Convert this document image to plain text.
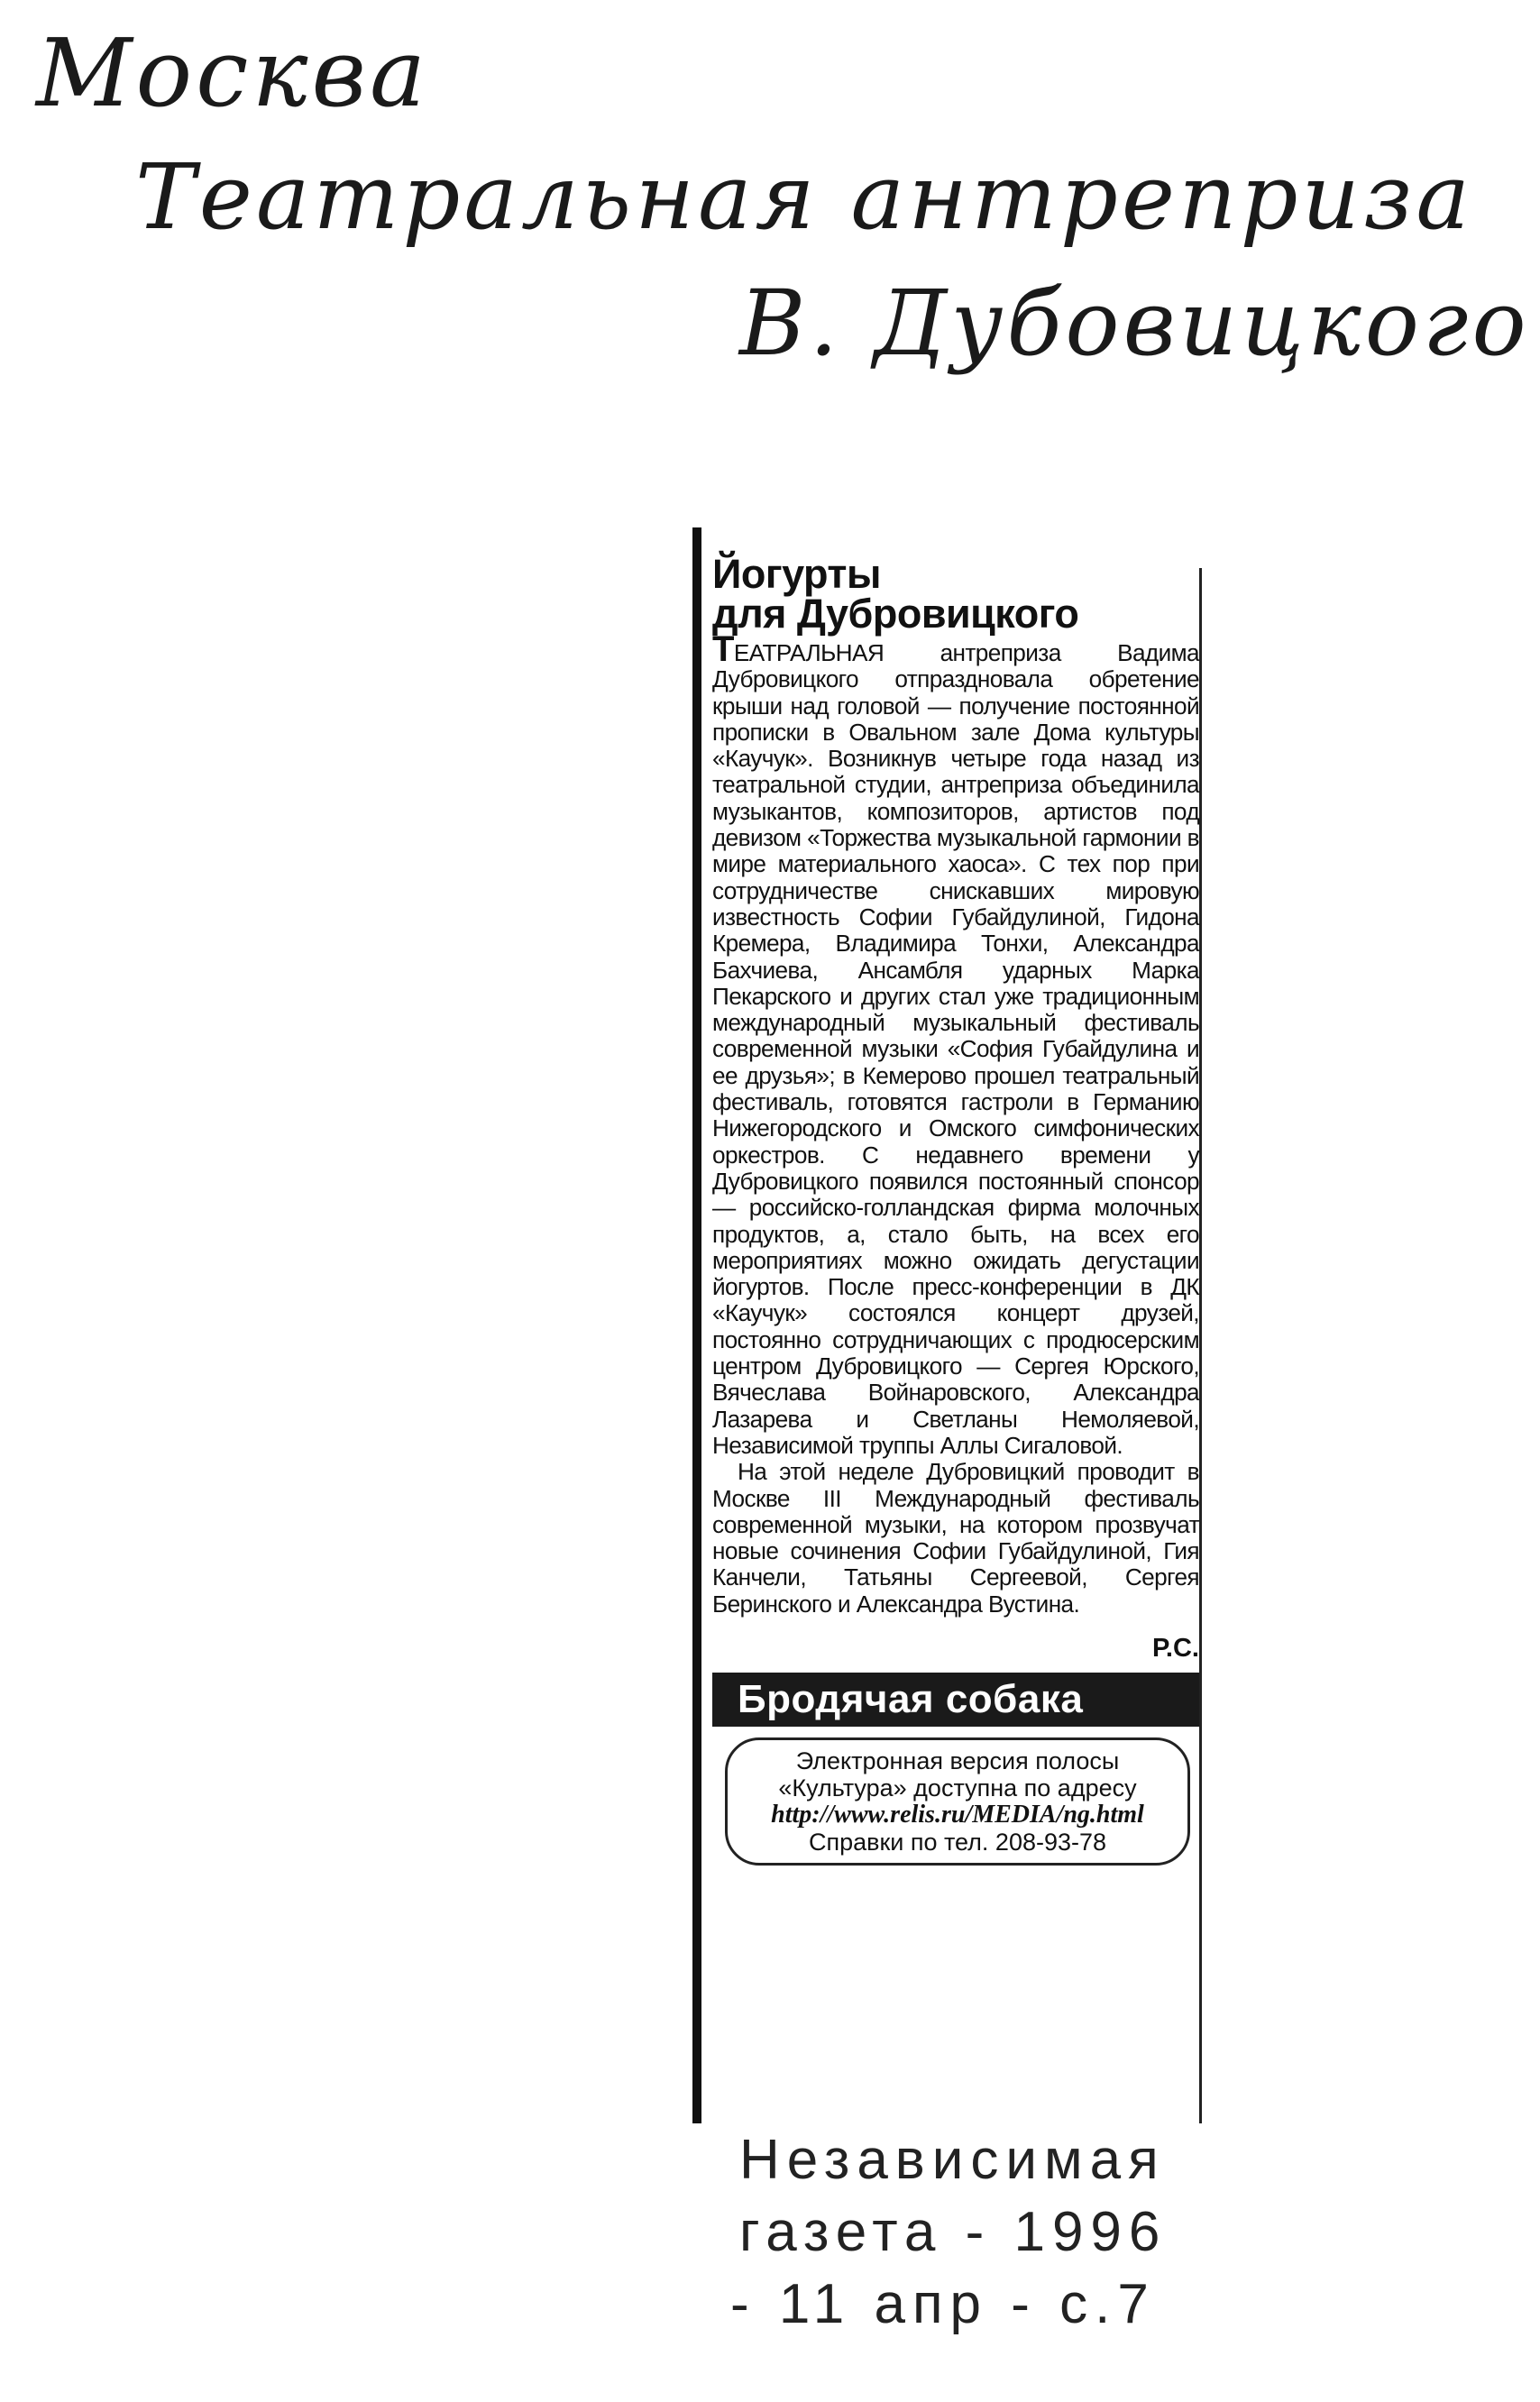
Москва
Театральная антреприза
В. Дубовицкого
Йогурты
для Дубровицкого

ТЕАТРАЛЬНАЯ антреприза Вадима Дубровицкого отпраздновала обретение крыши над головой — получение постоянной прописки в Овальном зале Дома культуры «Каучук». Возникнув четыре года назад из театральной студии, антреприза объединила музыкантов, композиторов, артистов под девизом «Торжества музыкальной гармонии в мире материального хаоса». С тех пор при сотрудничестве снискавших мировую известность Софии Губайдулиной, Гидона Кремера, Владимира Тонхи, Александра Бахчиева, Ансамбля ударных Марка Пекарского и других стал уже традиционным международный музыкальный фестиваль современной музыки «София Губайдулина и ее друзья»; в Кемерово прошел театральный фестиваль, готовятся гастроли в Германию Нижегородского и Омского симфонических оркестров. С недавнего времени у Дубровицкого появился постоянный спонсор — российско-голландская фирма молочных продуктов, а, стало быть, на всех его мероприятиях можно ожидать дегустации йогуртов. После пресс-конференции в ДК «Каучук» состоялся концерт друзей, постоянно сотрудничающих с продюсерским центром Дубровицкого — Сергея Юрского, Вячеслава Войнаровского, Александра Лазарева и Светланы Немоляевой, Независимой труппы Аллы Сигаловой.

На этой неделе Дубровицкий проводит в Москве III Международный фестиваль современной музыки, на котором прозвучат новые сочинения Софии Губайдулиной, Гия Канчели, Татьяны Сергеевой, Сергея Беринского и Александра Вустина.

Р.С.
Бродячая собака
Электронная версия полосы
«Культура» доступна по адресу
http://www.relis.ru/MEDIA/ng.html
Справки по тел. 208-93-78
Независимая
газета - 1996
- 11 апр - с.7
